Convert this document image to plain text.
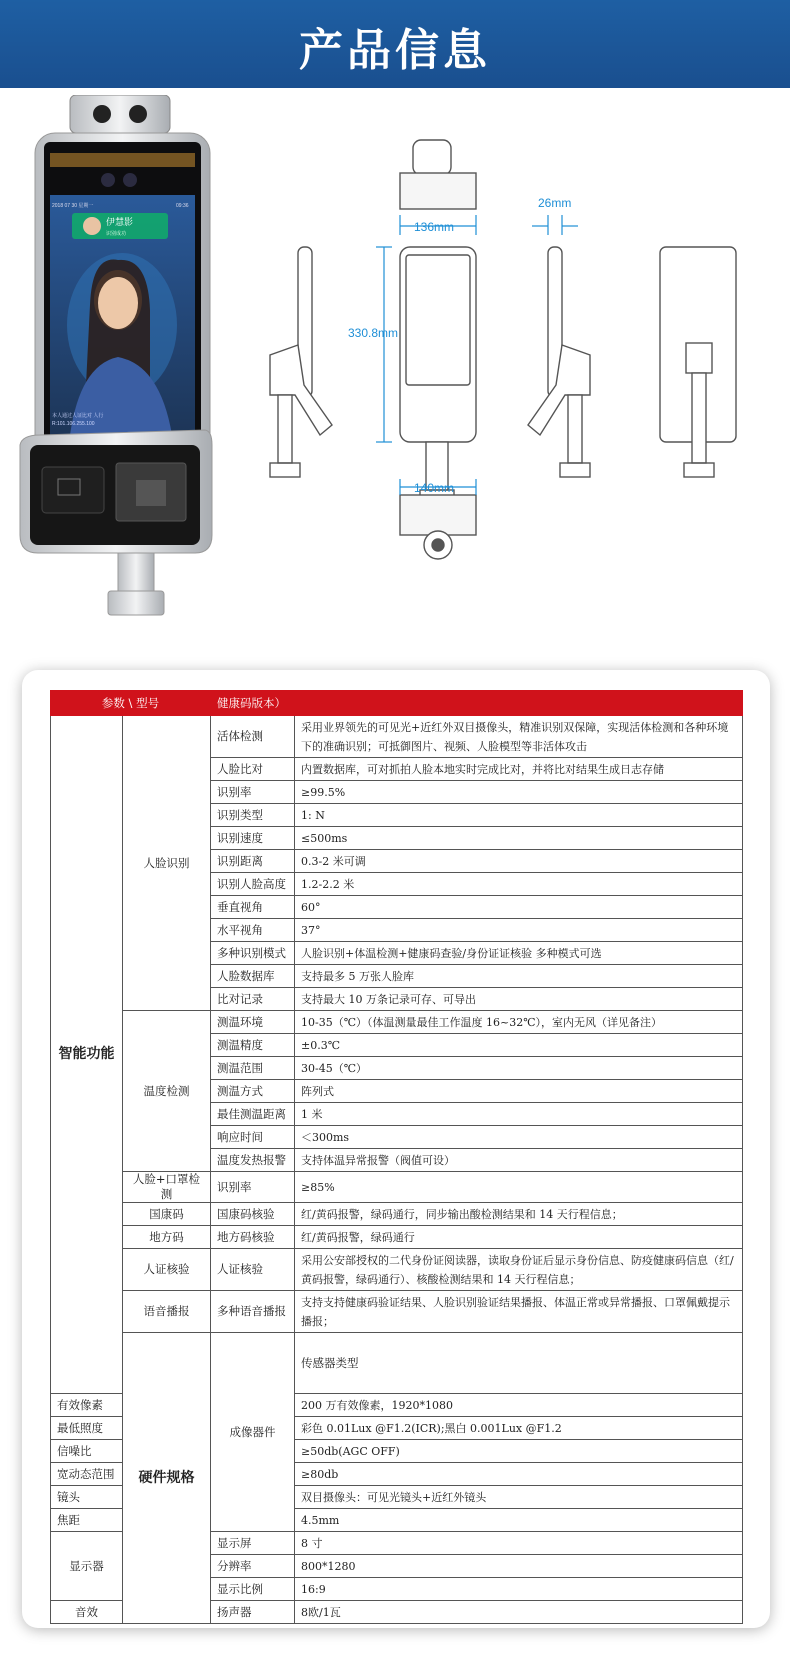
产品信息
2018 07 30 星期一	09:36
伊慧影
识别成功
本人通过人证比对 人行
R:101.106.255.100
136mm
26mm
330.8mm
140mm
参数 \ 型号		健康码版本）		
智能功能	人脸识别	活体检测	采用业界领先的可见光+近红外双目摄像头，精准识别双保障，实现活体检测和各种环境下的准确识别；可抵御图片、视频、人脸模型等非活体攻击	
		人脸比对	内置数据库，可对抓拍人脸本地实时完成比对，并将比对结果生成日志存储	
		识别率	≥99.5%	
		识别类型	1: N	
		识别速度	≤500ms	
		识别距离	0.3-2 米可调	
		识别人脸高度	1.2-2.2 米	
		垂直视角	60°	
		水平视角	37°	
		多种识别模式	人脸识别+体温检测+健康码查验/身份证证核验 多种模式可选	
		人脸数据库	支持最多 5 万张人脸库	
		比对记录	支持最大 10 万条记录可存、可导出	
	温度检测	测温环境	10-35（℃）（体温测量最佳工作温度 16~32℃），室内无风（详见备注）	
		测温精度	±0.3℃	
		测温范围	30-45（℃）	
		测温方式	阵列式	
		最佳测温距离	1 米	
		响应时间	＜300ms	
		温度发热报警	支持体温异常报警（阀值可设）	
	人脸+口罩检测	识别率	≥85%	
	国康码	国康码核验	红/黄码报警，绿码通行，同步输出酸检测结果和 14 天行程信息；	
	地方码	地方码核验	红/黄码报警，绿码通行	
	人证核验	人证核验	采用公安部授权的二代身份证阅读器，读取身份证后显示身份信息、防疫健康码信息（红/黄码报警，绿码通行）、核酸检测结果和 14 天行程信息；	
	语音播报	多种语音播报	支持支持健康码验证结果、人脸识别验证结果播报、体温正常或异常播报、口罩佩戴提示播报；	
	硬件规格	成像器件	传感器类型	
有效像素			200 万有效像素，1920*1080	
最低照度			彩色 0.01Lux @F1.2(ICR);黑白 0.001Lux @F1.2	
信噪比			≥50db(AGC OFF)	
宽动态范围			≥80db	
镜头			双目摄像头：可见光镜头+近红外镜头	
焦距			4.5mm	
显示器		显示屏	8 寸	
		分辨率	800*1280	
		显示比例	16:9	
音效		扬声器	8欧/1瓦	
